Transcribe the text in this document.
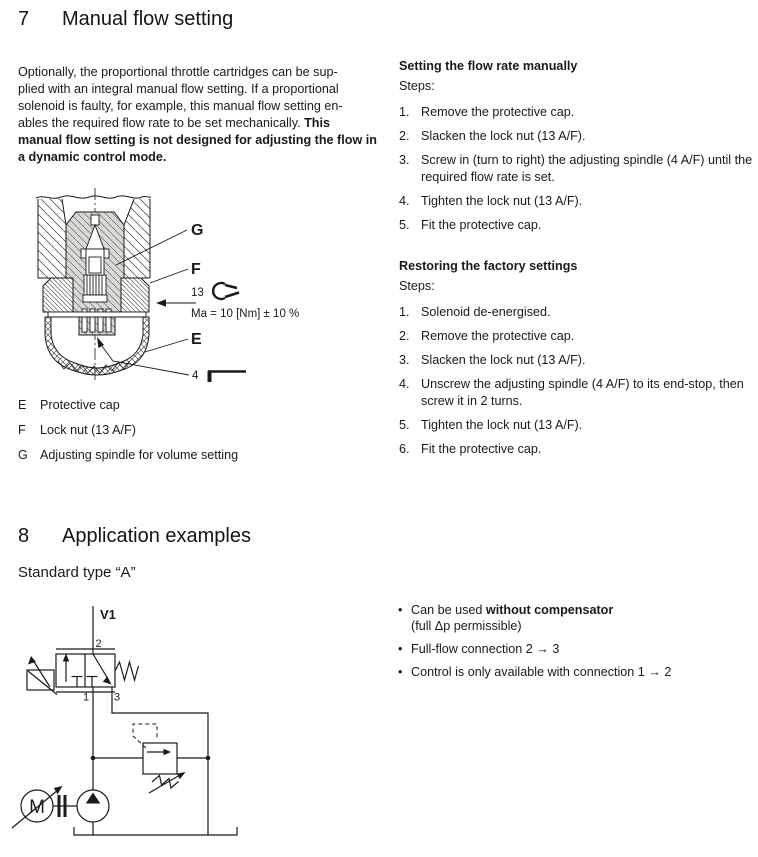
7	Manual flow setting
Optionally, the proportional throttle cartridges can be sup-
plied with an integral manual flow setting. If a proportional
solenoid is faulty, for example, this manual flow setting en-
ables the required flow rate to be set mechanically. This
manual flow setting is not designed for adjusting the flow in
a dynamic control mode.
Setting the flow rate manually
Steps:
1. Remove the protective cap.
2. Slacken the lock nut (13 A/F).
3. Screw in (turn to right) the adjusting spindle (4 A/F) until the required flow rate is set.
4. Tighten the lock nut (13 A/F).
5. Fit the protective cap.
Restoring the factory settings
Steps:
1. Solenoid de-energised.
2. Remove the protective cap.
3. Slacken the lock nut (13 A/F).
4. Unscrew the adjusting spindle (4 A/F) to its end-stop, then screw it in 2 turns.
5. Tighten the lock nut (13 A/F).
6. Fit the protective cap.
G
F
13
Ma = 10 [Nm] ± 10 %
E
4
E	Protective cap
F	Lock nut (13 A/F)
G Adjusting spindle for volume setting
8	Application examples
Standard type “A”
V1
2
1 3
M
• Can be used without compensator
(full Δp permissible)
• Full-flow connection 2 → 3
• Control is only available with connection 1 → 2
